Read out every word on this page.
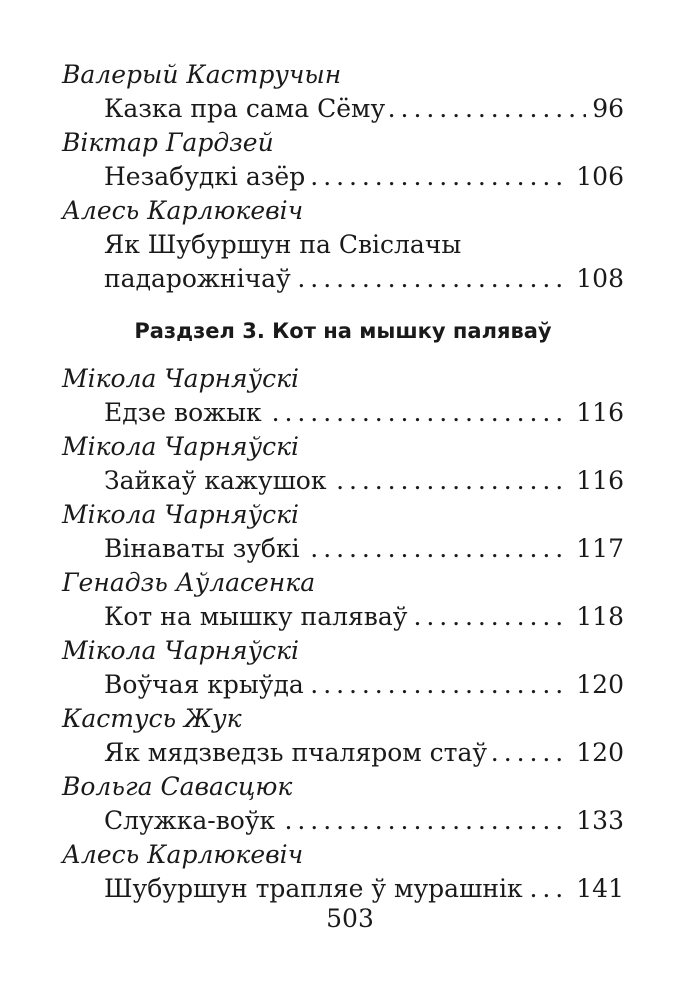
Валерый Кастручын
. . . Казка пра сама Сёму	96
Віктар Гардзей
. . . Незабудкі азёр	106
Алесь Карлюкевіч
Як Шубуршун па Свіслачы
. . . падарожнічаў	108
Раздзел 3. Кот на мышку паляваў
Мікола Чарняўскі
. . . Едзе вожык	116
Мікола Чарняўскі
. . . Зайкаў кажушок	116
Мікола Чарняўскі
. . . Вінаваты зубкі	117
Генадзь Аўласенка
. . . Кот на мышку паляваў	118
Мікола Чарняўскі
. . . Воўчая крыўда	120
Кастусь Жук
. . . Як мядзведзь пчаляром стаў	120
Вольга Савасцюк
. . . Служка-воўк	133
Алесь Карлюкевіч
. . . Шубуршун трапляе ў мурашнік 141
503
